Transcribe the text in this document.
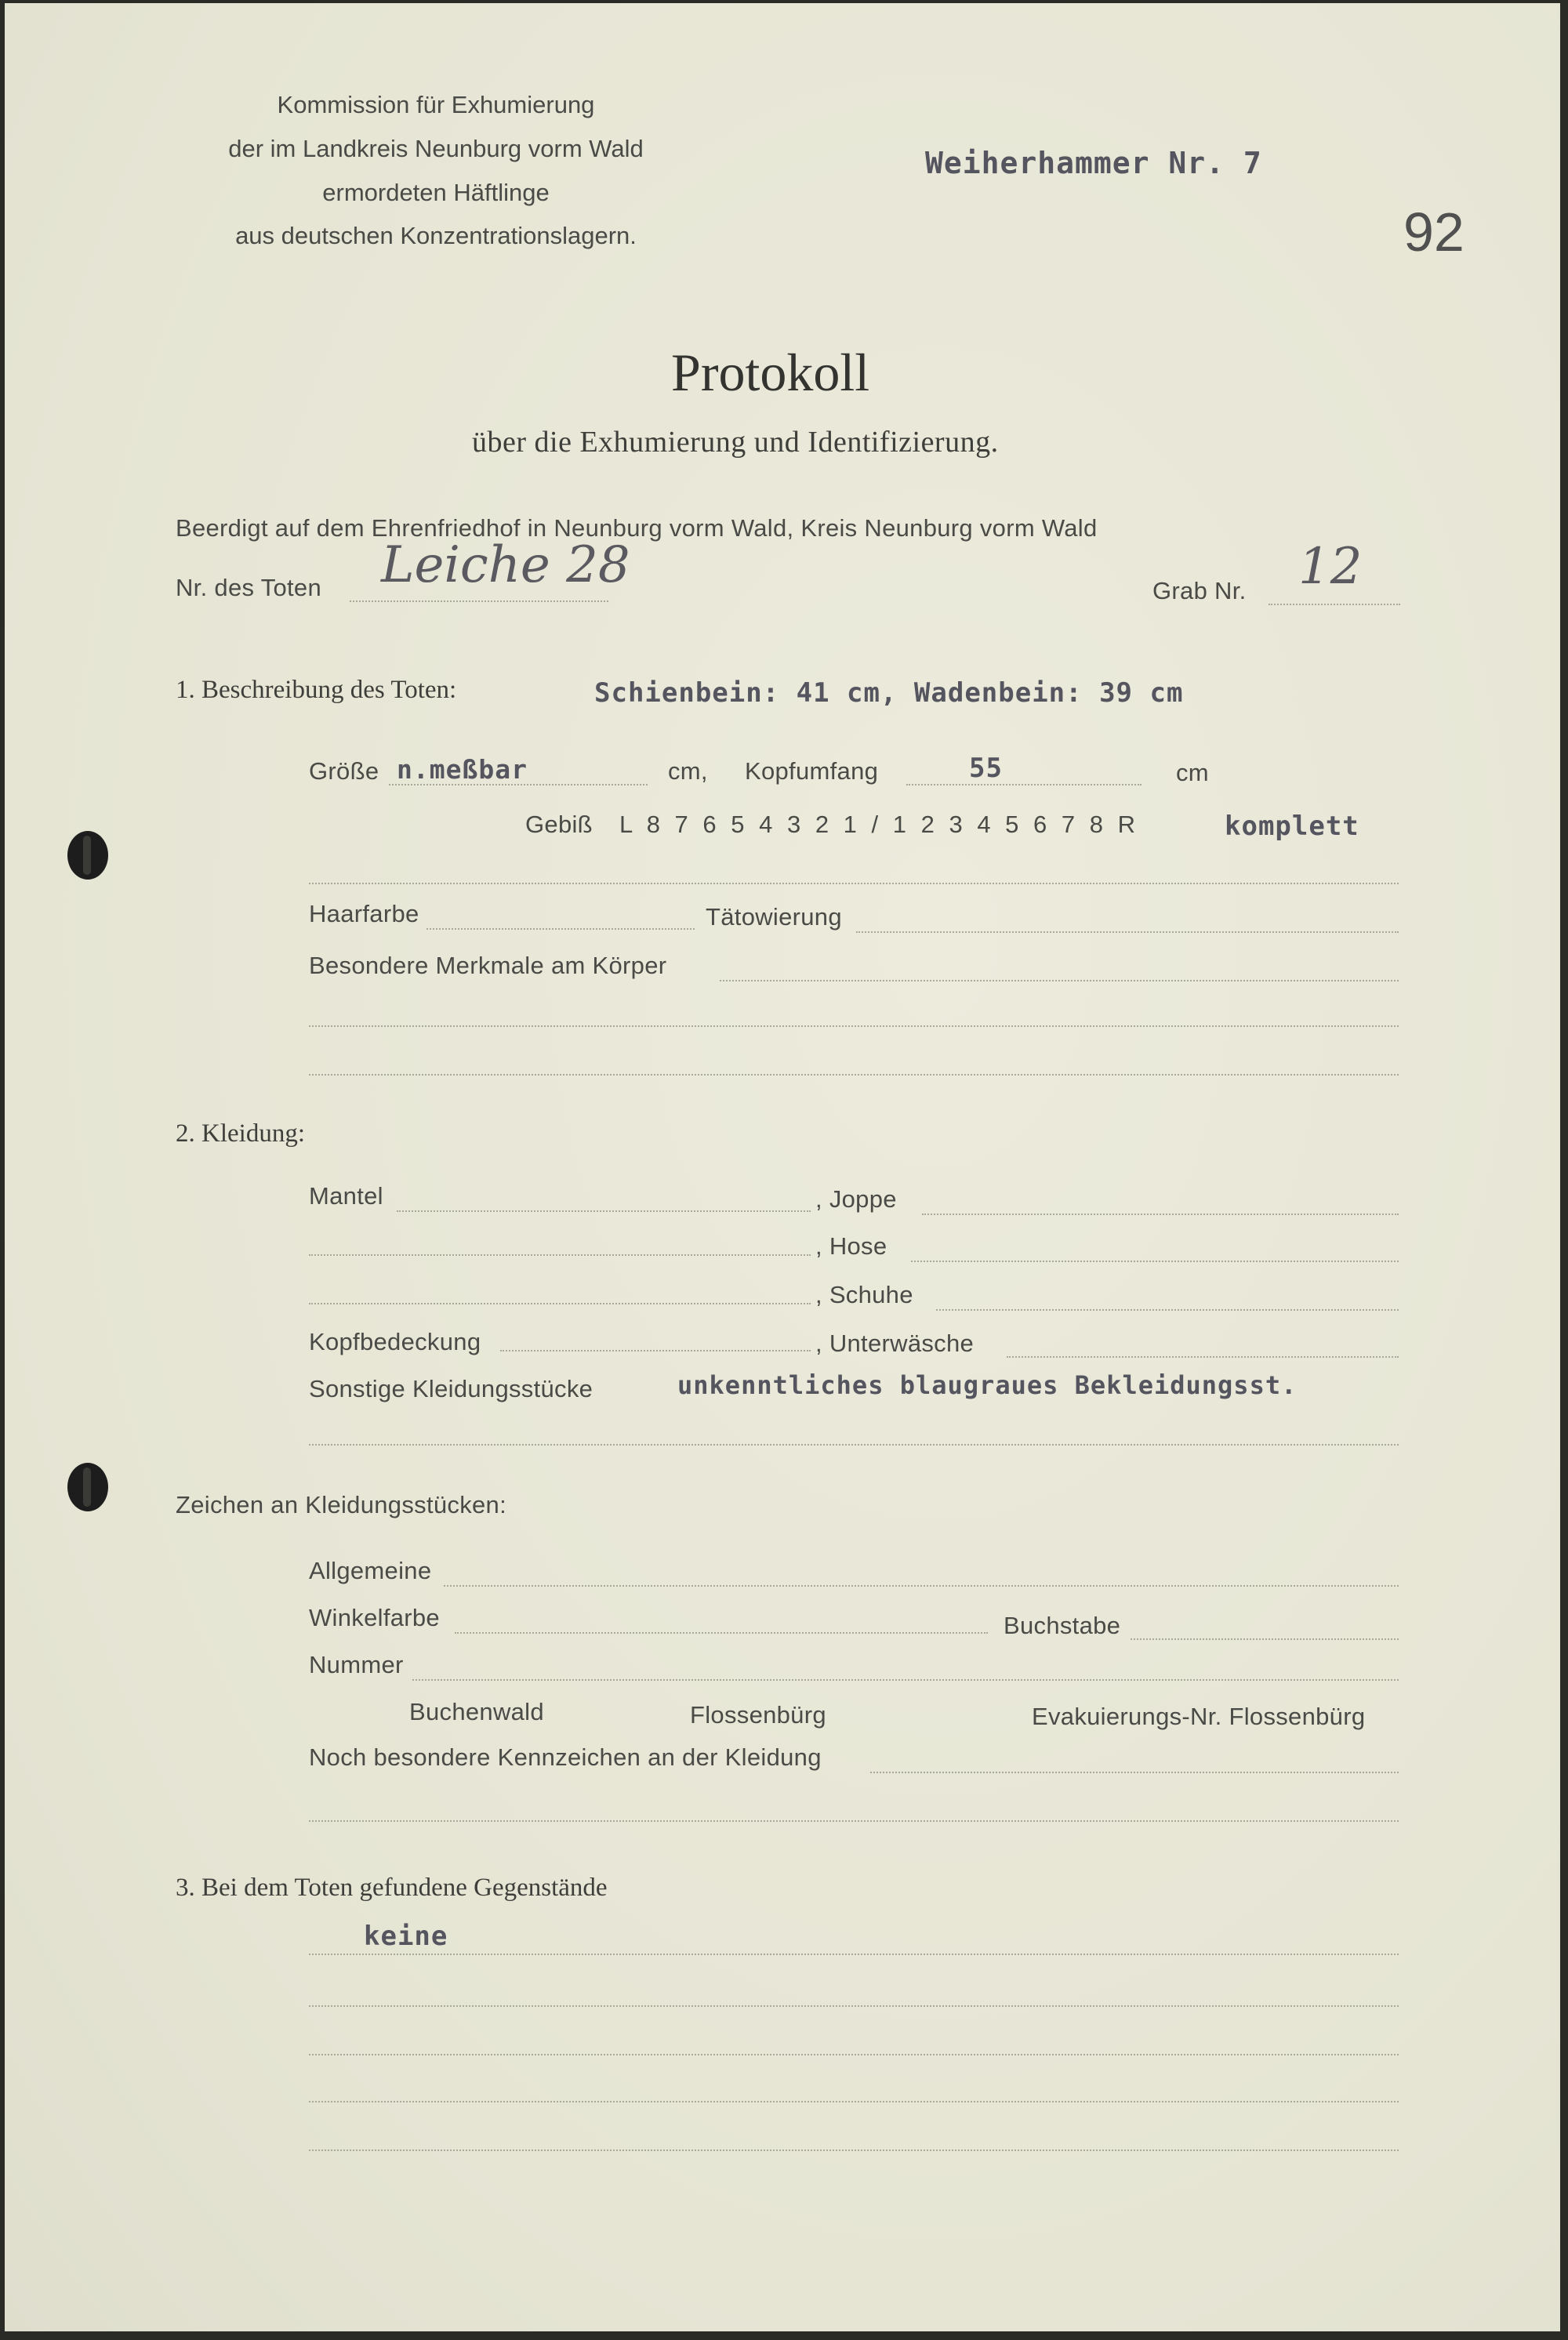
Kommission für Exhumierung
der im Landkreis Neunburg vorm Wald
ermordeten Häftlinge
aus deutschen Konzentrationslagern.
Weiherhammer Nr. 7
92
Protokoll
über die Exhumierung und Identifizierung.
Beerdigt auf dem Ehrenfriedhof in Neunburg vorm Wald, Kreis Neunburg vorm Wald
Nr. des Toten Leiche 28	Grab Nr. 12
1. Beschreibung des Toten:	Schienbein: 41 cm, Wadenbein: 39 cm
Größe n.meßbar	cm, Kopfumfang	55	cm
Gebiß L 8 7 6 5 4 3 2 1 / 1 2 3 4 5 6 7 8 R	komplett
Haarfarbe	Tätowierung
Besondere Merkmale am Körper
2. Kleidung:
Mantel	, Joppe
, Hose
, Schuhe
Kopfbedeckung	, Unterwäsche
Sonstige Kleidungsstücke	unkenntliches blaugraues Bekleidungsst.
Zeichen an Kleidungsstücken:
Allgemeine
Winkelfarbe	Buchstabe
Nummer
Buchenwald	Flossenbürg	Evakuierungs-Nr. Flossenbürg
Noch besondere Kennzeichen an der Kleidung
3. Bei dem Toten gefundene Gegenstände
keine
